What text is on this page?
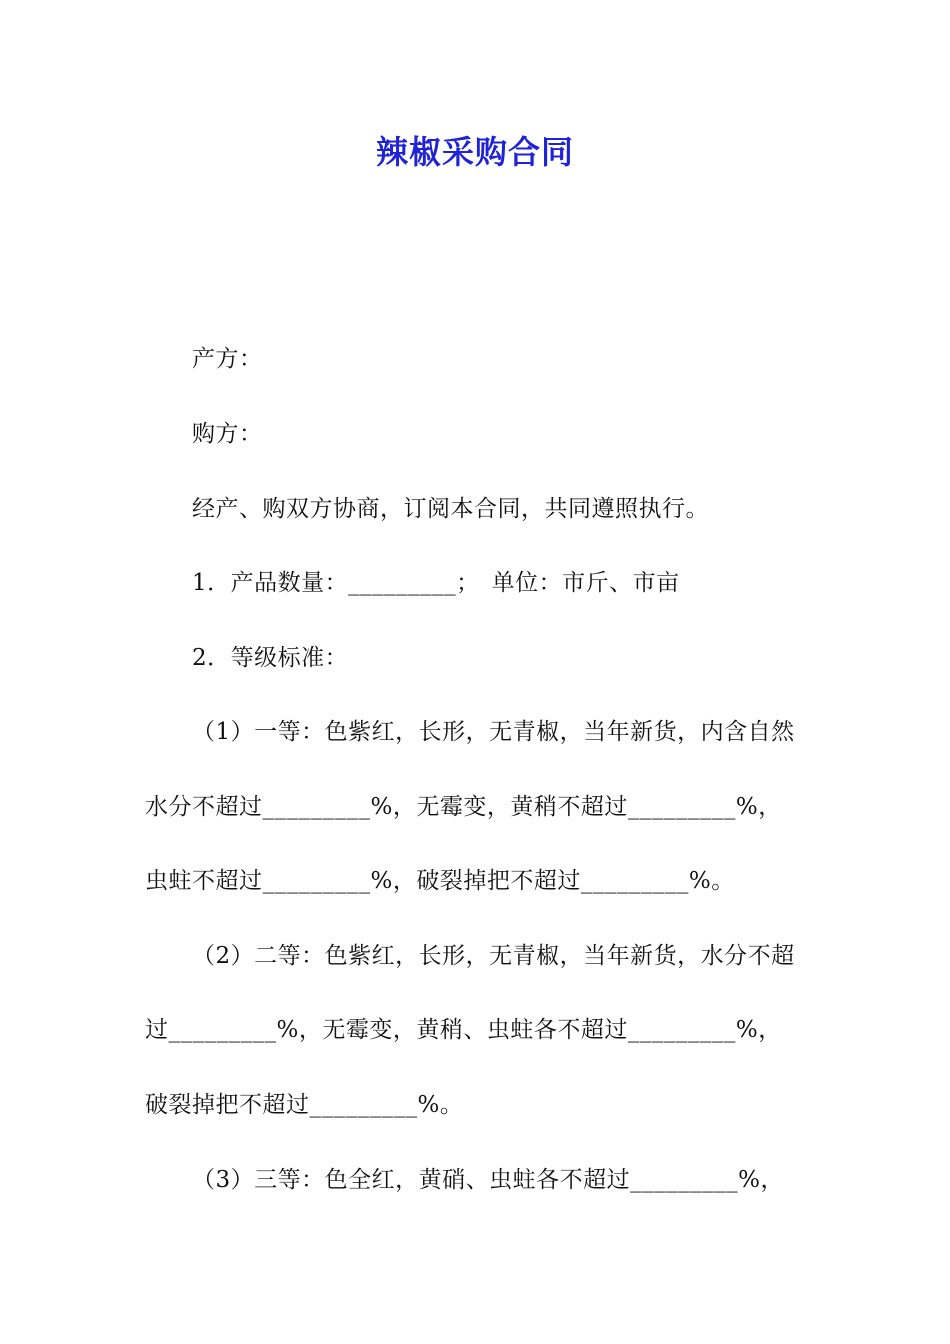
辣椒采购合同
产方：
购方：
经产、购双方协商，订阅本合同，共同遵照执行。
1．产品数量：_________；　单位：市斤、市亩
2．等级标准：
（1）一等：色紫红，长形，无青椒，当年新货，内含自然
水分不超过_________%，无霉变，黄稍不超过_________%，
虫蛀不超过_________%，破裂掉把不超过_________%。
（2）二等：色紫红，长形，无青椒，当年新货，水分不超
过_________%，无霉变，黄稍、虫蛀各不超过_________%，
破裂掉把不超过_________%。
（3）三等：色全红，黄硝、虫蛀各不超过_________%，
